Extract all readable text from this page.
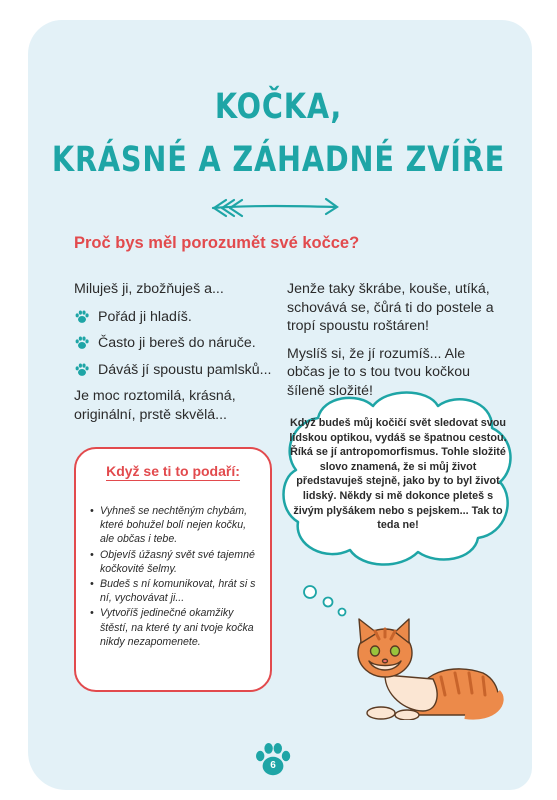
KOČKA,
KRÁSNÉ A ZÁHADNÉ ZVÍŘE
Proč bys měl porozumět své kočce?

Miluješ ji, zbožňuješ a...

Pořád ji hladíš.
Často ji bereš do náruče.
Dáváš jí spoustu pamlsků...

Je moc roztomilá, krásná, originální, prstě skvělá...

Jenže taky škrábe, kouše, utíká, schovává se, čůrá ti do postele a tropí spoustu roštáren!

Myslíš si, že jí rozumíš... Ale občas je to s tou tvou kočkou šíleně složité!

Když se ti to podaří:
• Vyhneš se nechtěným chybám, které bohužel bolí nejen kočku, ale občas i tebe.
• Objevíš úžasný svět své tajemné kočkovité šelmy.
• Budeš s ní komunikovat, hrát si s ní, vychovávat ji...
• Vytvoříš jedinečné okamžiky štěstí, na které ty ani tvoje kočka nikdy nezapomenete.
Když budeš můj kočičí svět sledovat svou lidskou optikou, vydáš se špatnou cestou. Říká se jí antropomorfismus. Tohle složité slovo znamená, že si můj život představuješ stejně, jako by to byl život lidský. Někdy si mě dokonce pleteš s živým plyšákem nebo s pejskem... Tak to teda ne!
6
